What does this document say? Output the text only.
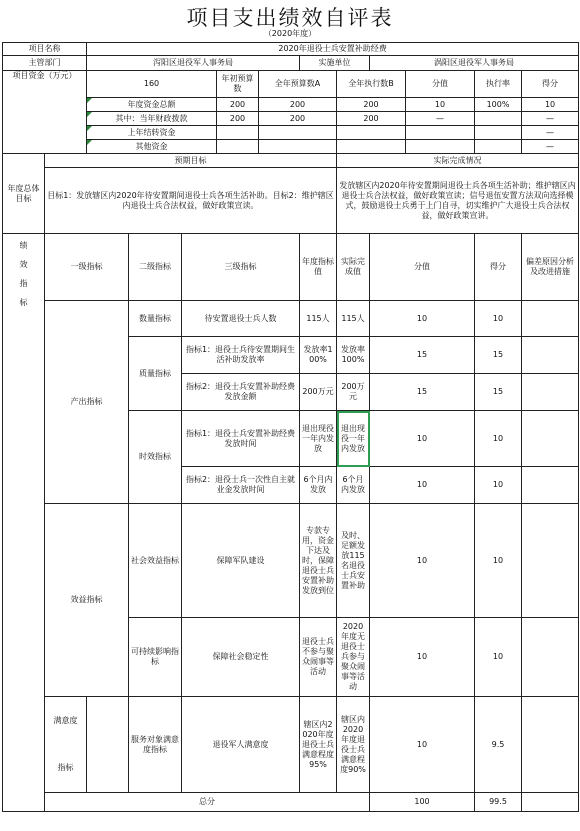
项目支出绩效自评表
（2020年度）
项目名称		2020年退役士兵安置补助经费										
主管部门		泻阳区退役军人事务局					实施单位		涡阳区退役军人事务局			
项目资金（万元）		160			年初预算数	全年预算数A		全年执行数B		分值	执行率	得分
		年度资金总额			200	200		200		10	100%	10
		其中：当年财政拨款			200	200		200		—		—
		上年结转资金										—
		其他资金										—
年度总体目标	预期目标							实际完成情况				
	目标1：发放辖区内2020年待安置期间退役士兵各项生活补助。目标2：维护辖区内退役士兵合法权益，做好政策宣读。							发放辖区内2020年待安置期间退役士兵各项生活补助；维护辖区内退役士兵合法权益，做好政策宣读；信号退伍安置方法双向选择模式，鼓励退役士兵勇于上门自寻，切实维护广大退役士兵合法权益，做好政策宣讲。				
绩
效
指
标	一级指标		二级指标	三级指标			年度指标值	实际完成值	分值		得分	偏差原因分析及改进措施
	产出指标		数量指标	待安置退役士兵人数			115人	115人	10		10	
			质量指标	指标1：退役士兵待安置期间生活补助发放率			发放率100%	发放率100%	15		15	
				指标2：退役士兵安置补助经费发放金额			200万元	200万元	15		15	
			时效指标	指标1：退役士兵安置补助经费发放时间			退出现役一年内发放	退出现役一年内发放	10		10	
				指标2：退役士兵一次性自主就业金发放时间			6个月内发放	6个月内发放	10		10	
	效益指标		社会效益指标	保障军队建设			专款专用，资金下达及时，保障退役士兵安置补助发放到位	及时、足额发放115名退役士兵安置补助	10		10	
			可持续影响指标	保障社会稳定性			退役士兵不参与聚众闹事等活动	2020年度无退役士兵参与聚众闹事等活动	10		10	
	满意度		服务对象满意度指标	退役军人满意度			辖区内2020年度退役士兵满意程度95%	辖区内2020年度退役士兵满意程度90%	10		9.5	
	指标											
	总分								100		99.5	
